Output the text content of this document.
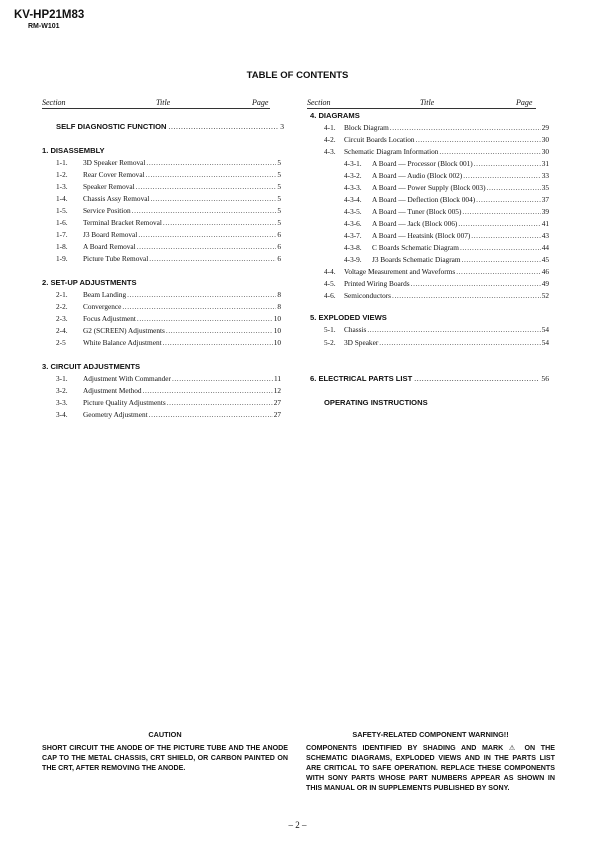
KV-HP21M83
RM-W101
TABLE OF CONTENTS
Section	Title	Page	Section	Title	Page
SELF DIAGNOSTIC FUNCTION .....	3
1. DISASSEMBLY
1-1.	3D Speaker Removal .....	5
1-2.	Rear Cover Removal .....	5
1-3.	Speaker Removal .....	5
1-4.	Chassis Assy Removal .....	5
1-5.	Service Position .....	5
1-6.	Terminal Bracket Removal .....	5
1-7.	J3 Board Removal .....	6
1-8.	A Board Removal .....	6
1-9.	Picture Tube Removal .....	6
2. SET-UP ADJUSTMENTS
2-1.	Beam Landing .....	8
2-2.	Convergence .....	8
2-3.	Focus Adjustment .....	10
2-4.	G2 (SCREEN) Adjustments .....	10
2-5	White Balance Adjustment .....	10
3. CIRCUIT ADJUSTMENTS
3-1.	Adjustment With Commander .....	11
3-2.	Adjustment Method .....	12
3-3.	Picture Quality Adjustments .....	27
3-4.	Geometry Adjustment .....	27
4. DIAGRAMS
4-1.	Block Diagram .....	29
4-2.	Circuit Boards Location .....	30
4-3.	Schematic Diagram Information .....	30
4-3-1.	A Board — Processor (Block 001) .....	31
4-3-2.	A Board — Audio (Block 002) .....	33
4-3-3.	A Board — Power Supply (Block 003) .....	35
4-3-4.	A Board — Deflection (Block 004) .....	37
4-3-5.	A Board — Tuner (Block 005) .....	39
4-3-6.	A Board — Jack (Block 006) .....	41
4-3-7.	A Board — Heatsink (Block 007) .....	43
4-3-8.	C Boards Schematic Diagram .....	44
4-3-9.	J3 Boards Schematic Diagram .....	45
4-4.	Voltage Measurement and Waveforms .....	46
4-5.	Printed Wiring Boards .....	49
4-6.	Semiconductors .....	52
5. EXPLODED VIEWS
5-1.	Chassis .....	54
5-2.	3D Speaker .....	54
6. ELECTRICAL PARTS LIST .....	56
OPERATING INSTRUCTIONS
CAUTION
SHORT CIRCUIT THE ANODE OF THE PICTURE TUBE AND THE ANODE CAP TO THE METAL CHASSIS, CRT SHIELD, OR CARBON PAINTED ON THE CRT, AFTER REMOVING THE ANODE.
SAFETY-RELATED COMPONENT WARNING!!
COMPONENTS IDENTIFIED BY SHADING AND MARK ⚠ ON THE SCHEMATIC DIAGRAMS, EXPLODED VIEWS AND IN THE PARTS LIST ARE CRITICAL TO SAFE OPERATION. REPLACE THESE COMPONENTS WITH SONY PARTS WHOSE PART NUMBERS APPEAR AS SHOWN IN THIS MANUAL OR IN SUPPLEMENTS PUBLISHED BY SONY.
– 2 –
